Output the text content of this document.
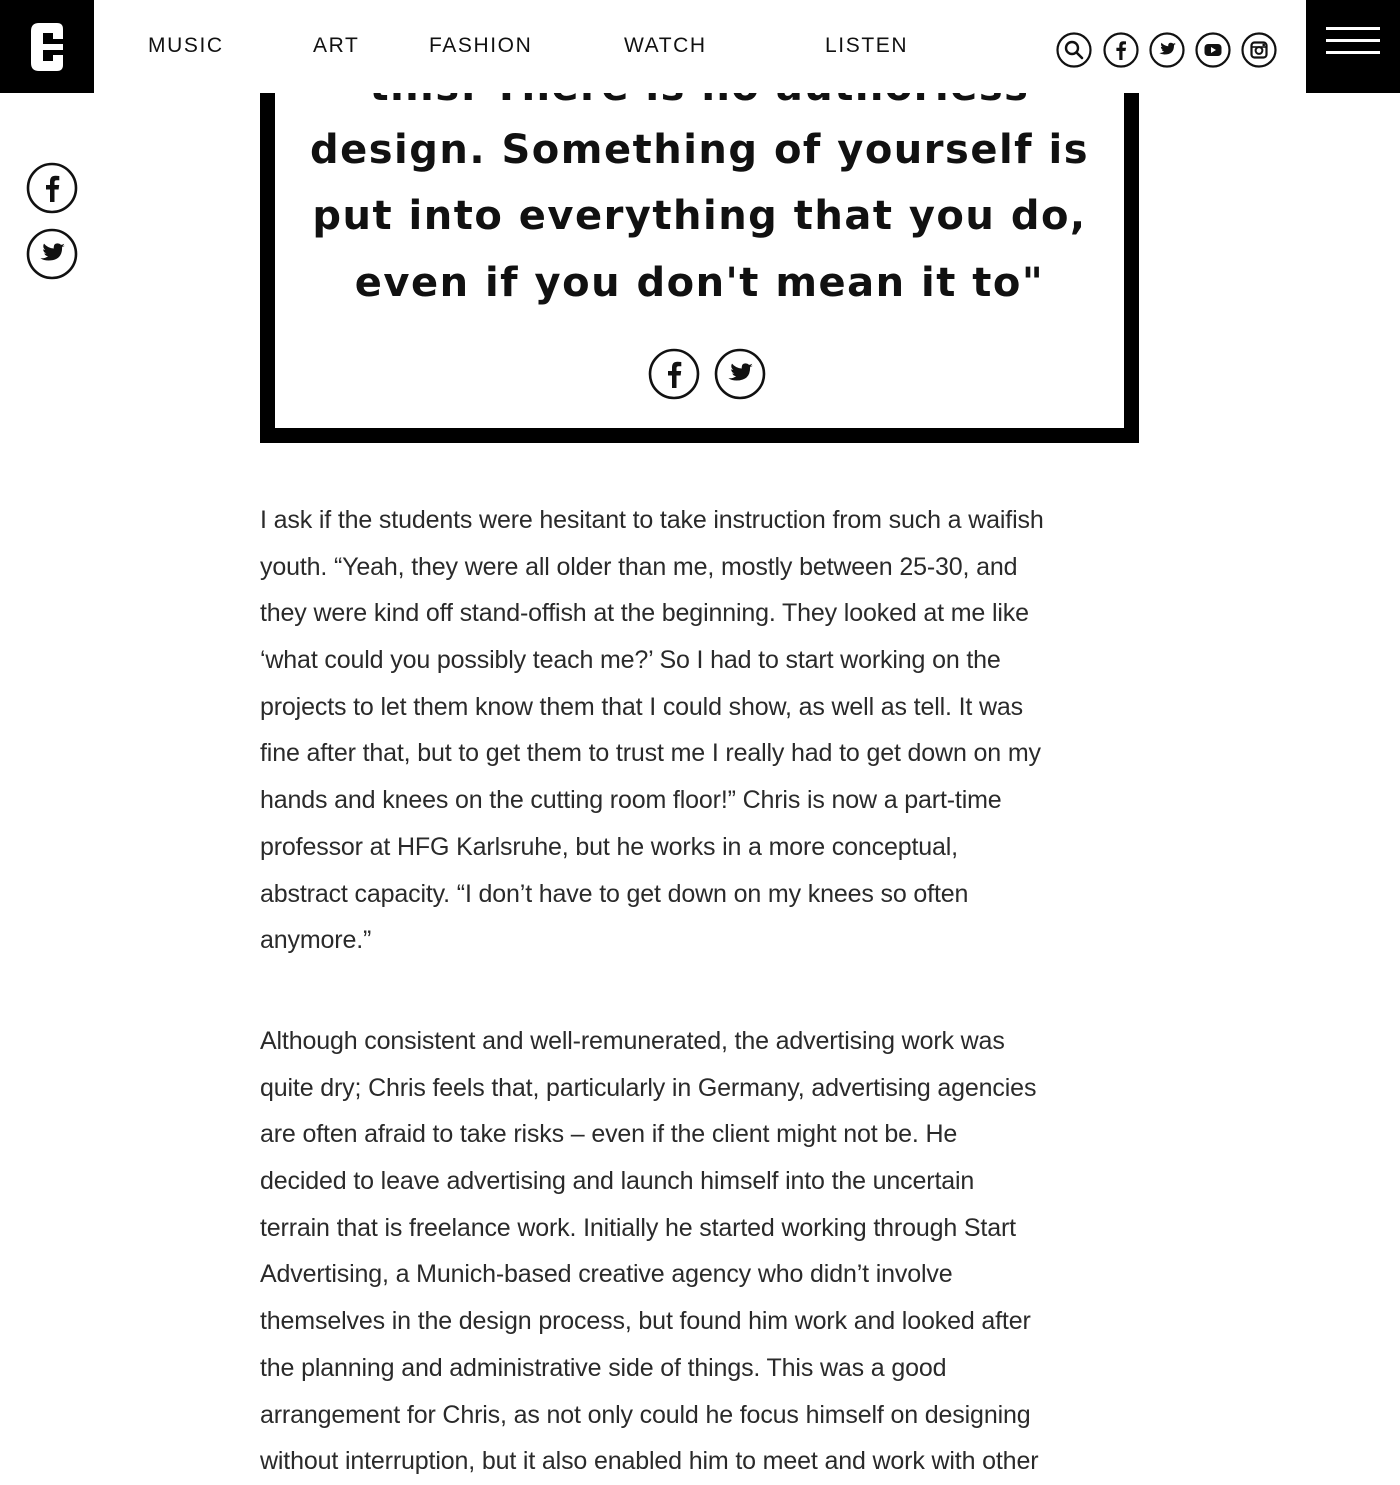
MUSIC	ART	FASHION	WATCH	LISTEN
design. Something of yourself is
put into everything that you do,
even if you don't mean it to"
I ask if the students were hesitant to take instruction from such a waifish
youth. “Yeah, they were all older than me, mostly between 25-30, and
they were kind off stand-offish at the beginning. They looked at me like
‘what could you possibly teach me?’ So I had to start working on the
projects to let them know them that I could show, as well as tell. It was
fine after that, but to get them to trust me I really had to get down on my
hands and knees on the cutting room floor!” Chris is now a part-time
professor at HFG Karlsruhe, but he works in a more conceptual,
abstract capacity. “I don’t have to get down on my knees so often
anymore.”
Although consistent and well-remunerated, the advertising work was
quite dry; Chris feels that, particularly in Germany, advertising agencies
are often afraid to take risks – even if the client might not be. He
decided to leave advertising and launch himself into the uncertain
terrain that is freelance work. Initially he started working through Start
Advertising, a Munich-based creative agency who didn’t involve
themselves in the design process, but found him work and looked after
the planning and administrative side of things. This was a good
arrangement for Chris, as not only could he focus himself on designing
without interruption, but it also enabled him to meet and work with other
